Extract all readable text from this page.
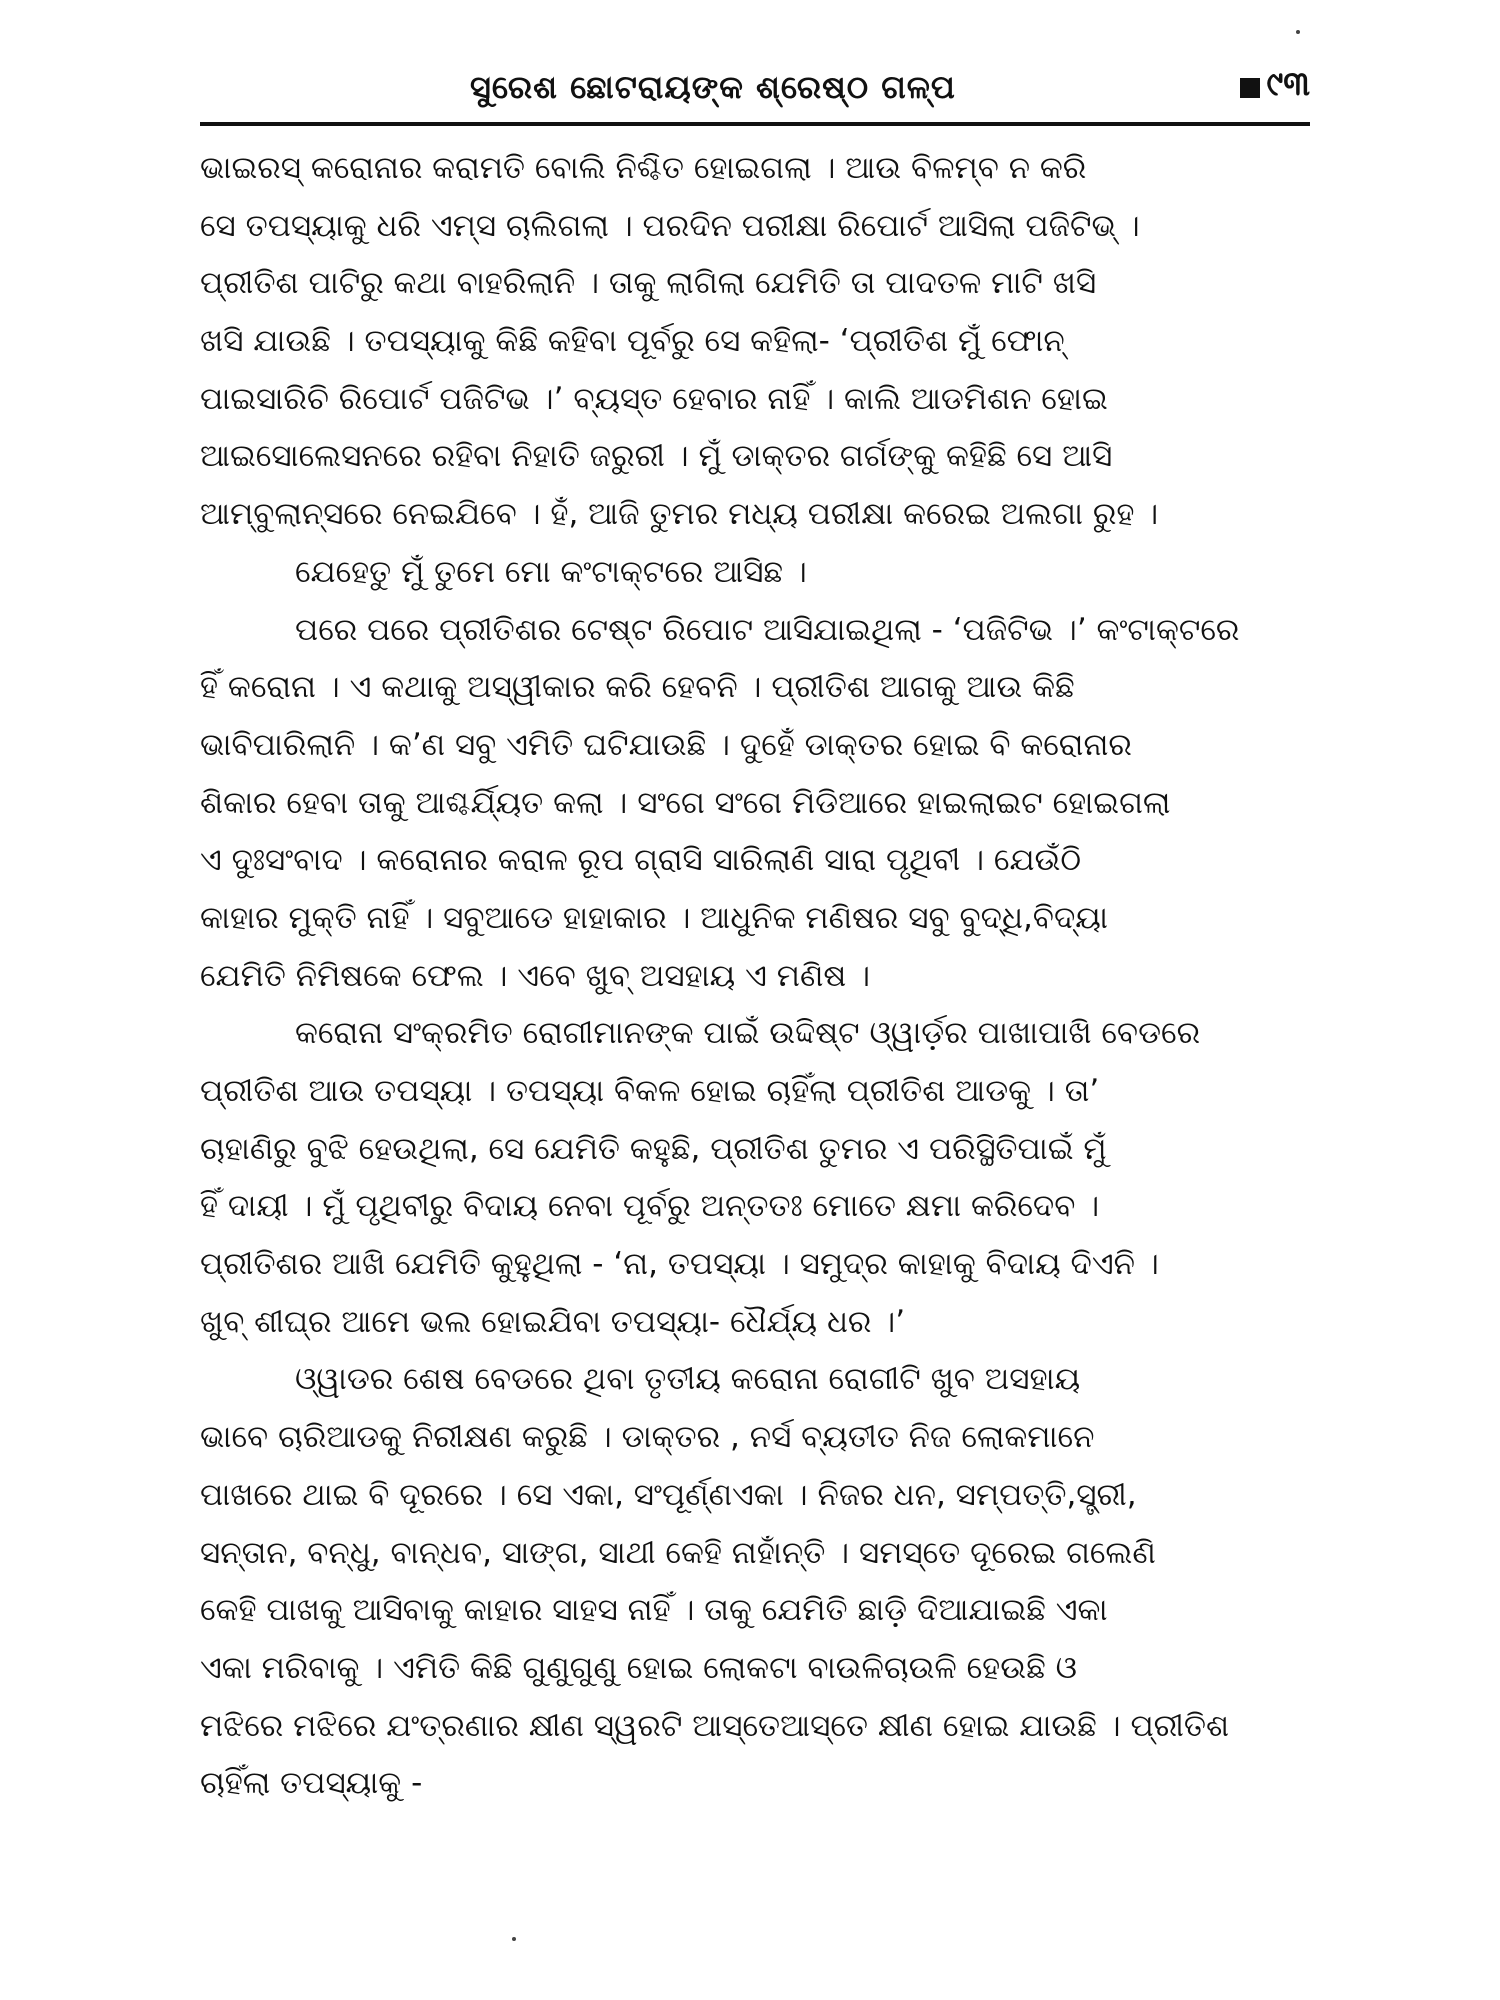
ସୁରେଶ ଛୋଟରାୟଙ୍କ ଶ୍ରେଷ୍ଠ ଗଳ୍ପ	୯୩
ଭାଇରସ୍ କରୋନାର କରାମତି ବୋଲି ନିଶ୍ଚିତ ହୋଇଗଲା । ଆଉ ବିଳମ୍ବ ନ କରି
ସେ ତପସ୍ୟାକୁ ଧରି ଏମ୍‌ସ ଚାଲିଗଲା । ପରଦିନ ପରୀକ୍ଷା ରିପୋର୍ଟ ଆସିଲା ପଜିଟିଭ୍ ।
ପ୍ରୀତିଶ ପାଟିରୁ କଥା ବାହରିଲାନି । ତାକୁ ଲାଗିଲା ଯେମିତି ତା ପାଦତଳ ମାଟି ଖସି
ଖସି ଯାଉଛି । ତପସ୍ୟାକୁ କିଛି କହିବା ପୂର୍ବରୁ ସେ କହିଲା- ‘ପ୍ରୀତିଶ ମୁଁ ଫୋନ୍
ପାଇସାରିଚି ରିପୋର୍ଟ ପଜିଟିଭ ।’ ବ୍ୟସ୍ତ ହେବାର ନାହିଁ । କାଲି ଆଡମିଶନ ହୋଇ
ଆଇସୋଲେସନରେ ରହିବା ନିହାତି ଜରୁରୀ । ମୁଁ ଡାକ୍ତର ଗର୍ଗଙ୍କୁ କହିଛି ସେ ଆସି
ଆମ୍ବୁଲାନ୍ସରେ ନେଇଯିବେ । ହଁ, ଆଜି ତୁମର ମଧ୍ୟ ପରୀକ୍ଷା କରେଇ ଅଲଗା ରୁହ ।
ଯେହେତୁ ମୁଁ ତୁମେ ମୋ କଂଟାକ୍ଟରେ ଆସିଛ ।
ପରେ ପରେ ପ୍ରୀତିଶର ଟେଷ୍ଟ ରିପୋଟ ଆସିଯାଇଥିଲା - ‘ପଜିଟିଭ ।’ କଂଟାକ୍ଟରେ
ହିଁ କରୋନା । ଏ କଥାକୁ ଅସ୍ୱୀକାର କରି ହେବନି । ପ୍ରୀତିଶ ଆଗକୁ ଆଉ କିଛି
ଭାବିପାରିଲାନି । କ’ଣ ସବୁ ଏମିତି ଘଟିଯାଉଛି । ଦୁହେଁ ଡାକ୍ତର ହୋଇ ବି କରୋନାର
ଶିକାର ହେବା ତାକୁ ଆଶ୍ଚର୍ଯ୍ୟିତ କଲା । ସଂଗେ ସଂଗେ ମିଡିଆରେ ହାଇଲାଇଟ ହୋଇଗଲା
ଏ ଦୁଃସଂବାଦ । କରୋନାର କରାଳ ରୂପ ଗ୍ରାସି ସାରିଲାଣି ସାରା ପୃଥିବୀ । ଯେଉଁଠି
କାହାର ମୁକ୍ତି ନାହିଁ । ସବୁଆଡେ ହାହାକାର । ଆଧୁନିକ ମଣିଷର ସବୁ ବୁଦ୍ଧି,ବିଦ୍ୟା
ଯେମିତି ନିମିଷକେ ଫେଲ । ଏବେ ଖୁବ୍ ଅସହାୟ ଏ ମଣିଷ ।
କରୋନା ସଂକ୍ରମିତ ରୋଗୀମାନଙ୍କ ପାଇଁ ଉଦ୍ଦିଷ୍ଟ ଓ୍ୱାର୍ଡ଼ର ପାଖାପାଖି ବେଡରେ
ପ୍ରୀତିଶ ଆଉ ତପସ୍ୟା । ତପସ୍ୟା ବିକଳ ହୋଇ ଚାହିଁଲା ପ୍ରୀତିଶ ଆଡକୁ । ତା’
ଚାହାଣିରୁ ବୁଝି ହେଉଥିଲା, ସେ ଯେମିତି କହୁଛି, ପ୍ରୀତିଶ ତୁମର ଏ ପରିସ୍ଥିତିପାଇଁ ମୁଁ
ହିଁ ଦାୟୀ । ମୁଁ ପୃଥିବୀରୁ ବିଦାୟ ନେବା ପୂର୍ବରୁ ଅନ୍ତତଃ ମୋତେ କ୍ଷମା କରିଦେବ ।
ପ୍ରୀତିଶର ଆଖି ଯେମିତି କୁହୁଥିଲା - ‘ନା, ତପସ୍ୟା । ସମୁଦ୍ର କାହାକୁ ବିଦାୟ ଦିଏନି ।
ଖୁବ୍ ଶୀଘ୍ର ଆମେ ଭଲ ହୋଇଯିବା ତପସ୍ୟା- ଧୈର୍ଯ୍ୟ ଧର ।’
ଓ୍ୱାଡର ଶେଷ ବେଡରେ ଥିବା ତୃତୀୟ କରୋନା ରୋଗୀଟି ଖୁବ ଅସହାୟ
ଭାବେ ଚାରିଆଡକୁ ନିରୀକ୍ଷଣ କରୁଛି । ଡାକ୍ତର , ନର୍ସ ବ୍ୟତୀତ ନିଜ ଲୋକମାନେ
ପାଖରେ ଥାଇ ବି ଦୂରରେ । ସେ ଏକା, ସଂପୂର୍ଣ୍ଣଏକା । ନିଜର ଧନ, ସମ୍ପତ୍ତି,ସ୍ତ୍ରୀ,
ସନ୍ତାନ, ବନ୍ଧୁ, ବାନ୍ଧବ, ସାଙ୍ଗ, ସାଥୀ କେହି ନାହାଁନ୍ତି । ସମସ୍ତେ ଦୂରେଇ ଗଲେଣି
କେହି ପାଖକୁ ଆସିବାକୁ କାହାର ସାହସ ନାହିଁ । ତାକୁ ଯେମିତି ଛାଡ଼ି ଦିଆଯାଇଛି ଏକା
ଏକା ମରିବାକୁ । ଏମିତି କିଛି ଗୁଣୁଗୁଣୁ ହୋଇ ଲୋକଟା ବାଉଳିଚାଉଳି ହେଉଛି ଓ
ମଝିରେ ମଝିରେ ଯଂତ୍ରଣାର କ୍ଷୀଣ ସ୍ୱରଟି ଆସ୍ତେଆସ୍ତେ କ୍ଷୀଣ ହୋଇ ଯାଉଛି । ପ୍ରୀତିଶ
ଚାହିଁଲା ତପସ୍ୟାକୁ -
